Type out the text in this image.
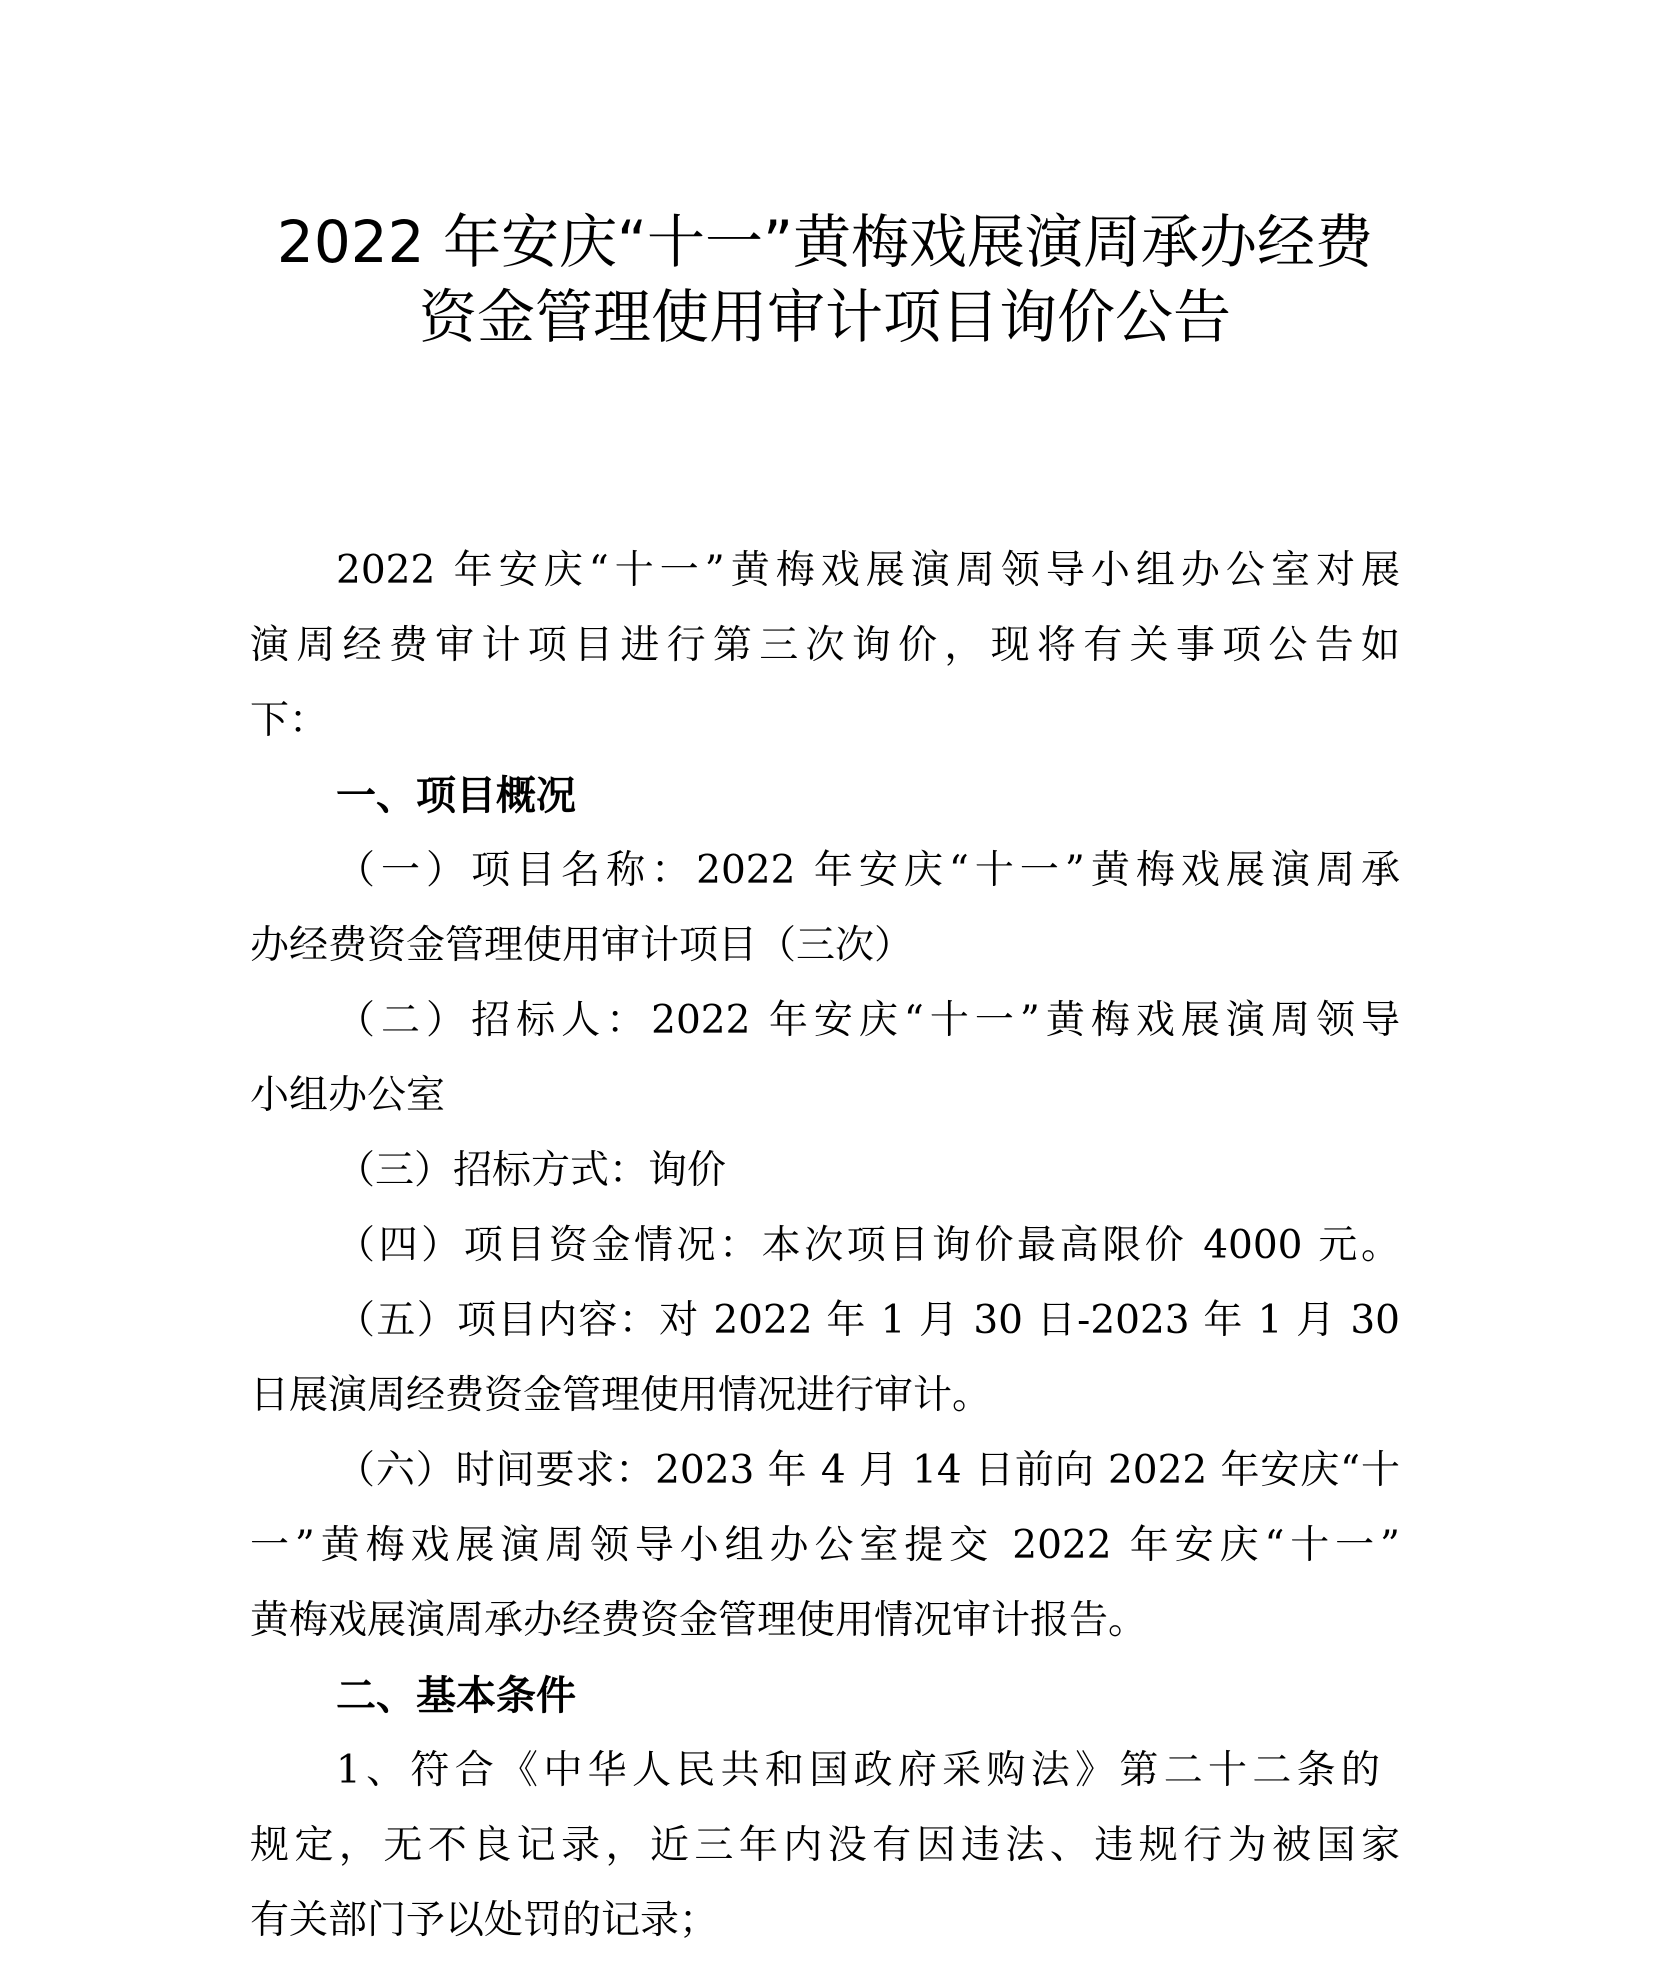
2022 年安庆“十一”黄梅戏展演周承办经费
资金管理使用审计项目询价公告
2022 年安庆“十一”黄梅戏展演周领导小组办公室对展
演周经费审计项目进行第三次询价，现将有关事项公告如
下：
一、项目概况
（一）项目名称：2022 年安庆“十一”黄梅戏展演周承
办经费资金管理使用审计项目（三次）
（二）招标人：2022 年安庆“十一”黄梅戏展演周领导
小组办公室
（三）招标方式：询价
（四）项目资金情况：本次项目询价最高限价 4000 元。
（五）项目内容：对 2022 年 1 月 30 日-2023 年 1 月 30
日展演周经费资金管理使用情况进行审计。
（六）时间要求：2023 年 4 月 14 日前向 2022 年安庆“十
一”黄梅戏展演周领导小组办公室提交 2022 年安庆“十一”
黄梅戏展演周承办经费资金管理使用情况审计报告。
二、基本条件
1、符合《中华人民共和国政府采购法》第二十二条的
规定，无不良记录，近三年内没有因违法、违规行为被国家
有关部门予以处罚的记录；
